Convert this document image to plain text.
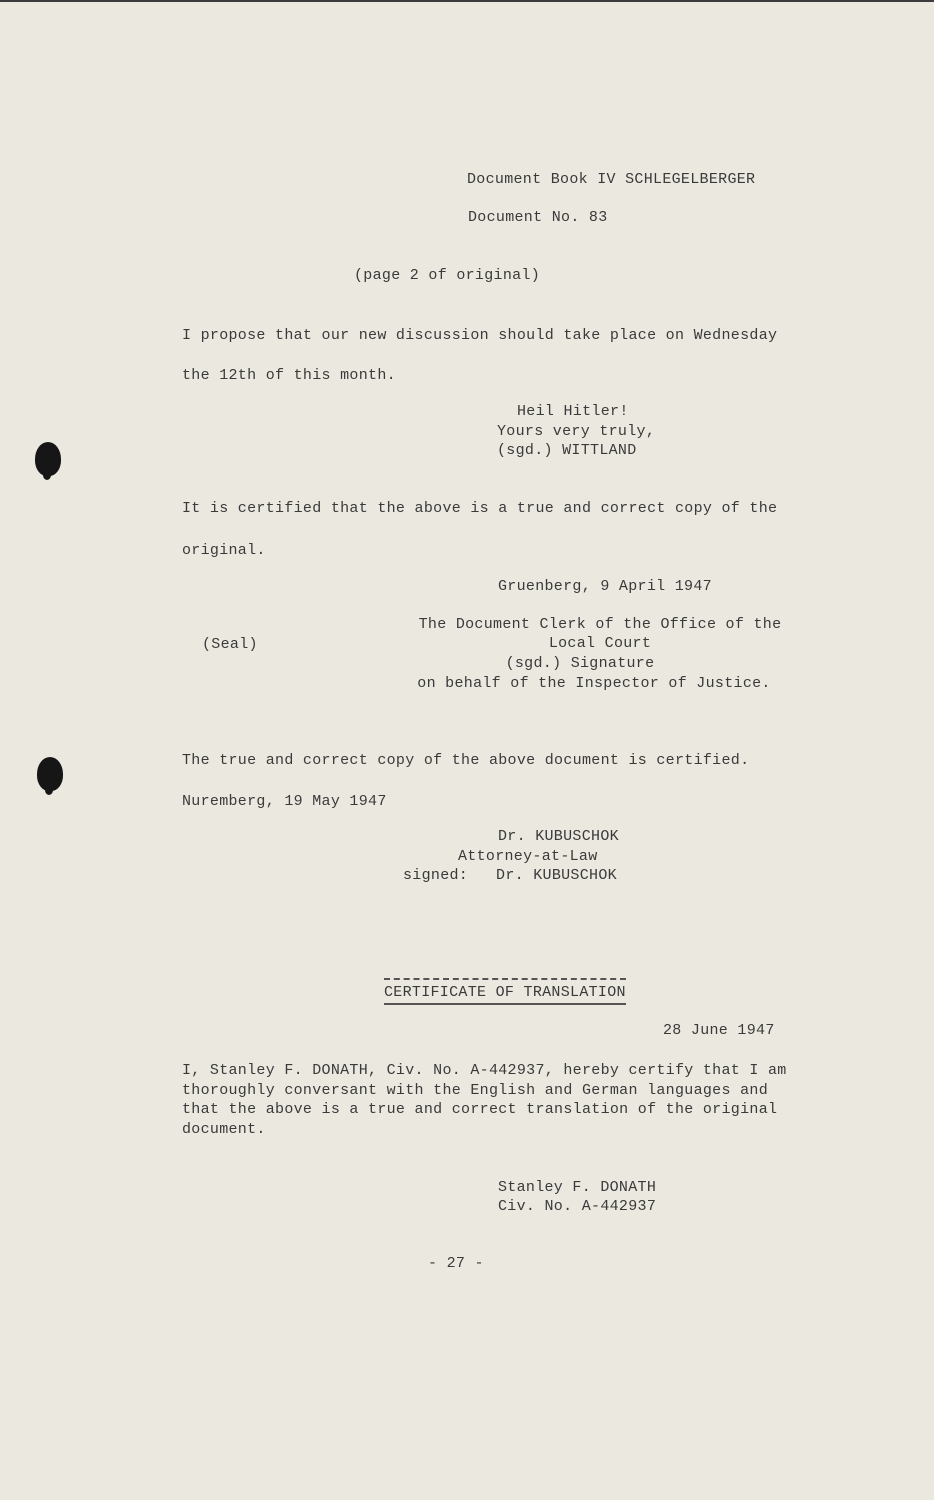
Document Book IV SCHLEGELBERGER
Document No. 83
(page 2 of original)
I propose that our new discussion should take place on Wednesday
the 12th of this month.
Heil Hitler!
Yours very truly,
(sgd.) WITTLAND
It is certified that the above is a true and correct copy of the
original.
Gruenberg, 9 April 1947
(Seal)
The Document Clerk of the Office of the
Local Court
(sgd.) Signature
on behalf of the Inspector of Justice.
The true and correct copy of the above document is certified.
Nuremberg, 19 May 1947
Dr. KUBUSCHOK
Attorney-at-Law
signed:   Dr. KUBUSCHOK
CERTIFICATE OF TRANSLATION
28 June 1947
I, Stanley F. DONATH, Civ. No. A-442937, hereby certify that I am
thoroughly conversant with the English and German languages and
that the above is a true and correct translation of the original
document.
Stanley F. DONATH
Civ. No. A-442937
- 27 -
